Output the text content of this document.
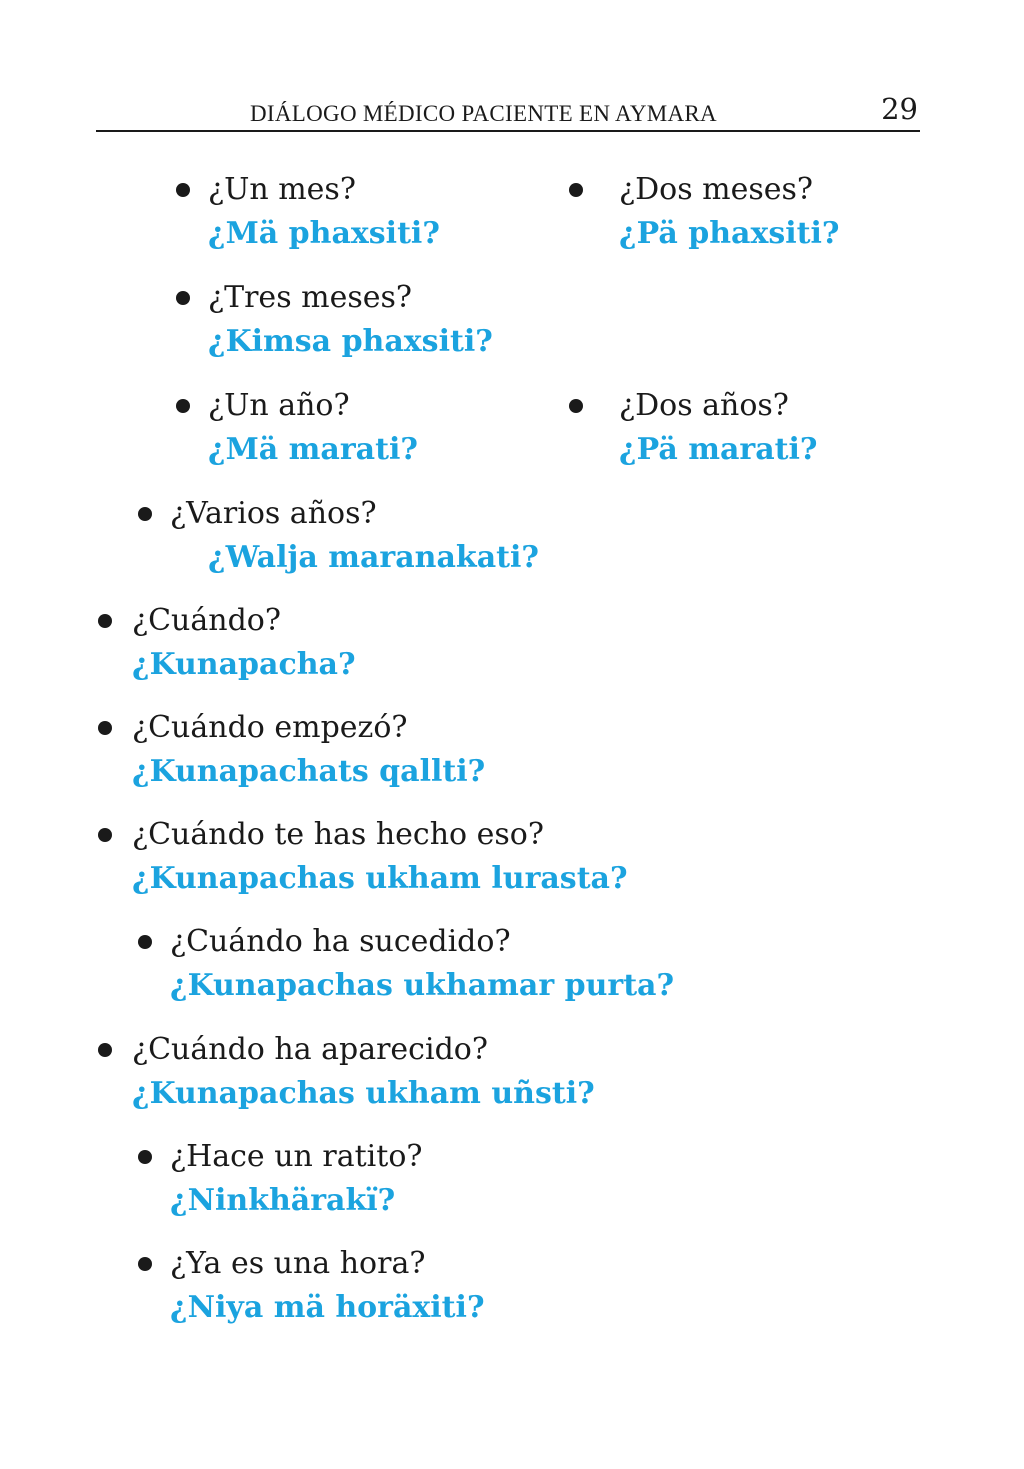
DIÁLOGO MÉDICO PACIENTE EN AYMARA	29
¿Un mes?
¿Mä phaxsiti?
¿Dos meses?
¿Pä phaxsiti?
¿Tres meses?
¿Kimsa phaxsiti?
¿Un año?
¿Mä marati?
¿Dos años?
¿Pä marati?
¿Varios años?
¿Walja maranakati?
¿Cuándo?
¿Kunapacha?
¿Cuándo empezó?
¿Kunapachats qallti?
¿Cuándo te has hecho eso?
¿Kunapachas ukham lurasta?
¿Cuándo ha sucedido?
¿Kunapachas ukhamar purta?
¿Cuándo ha aparecido?
¿Kunapachas ukham uñsti?
¿Hace un ratito?
¿Ninkhärakï?
¿Ya es una hora?
¿Niya mä horäxiti?
